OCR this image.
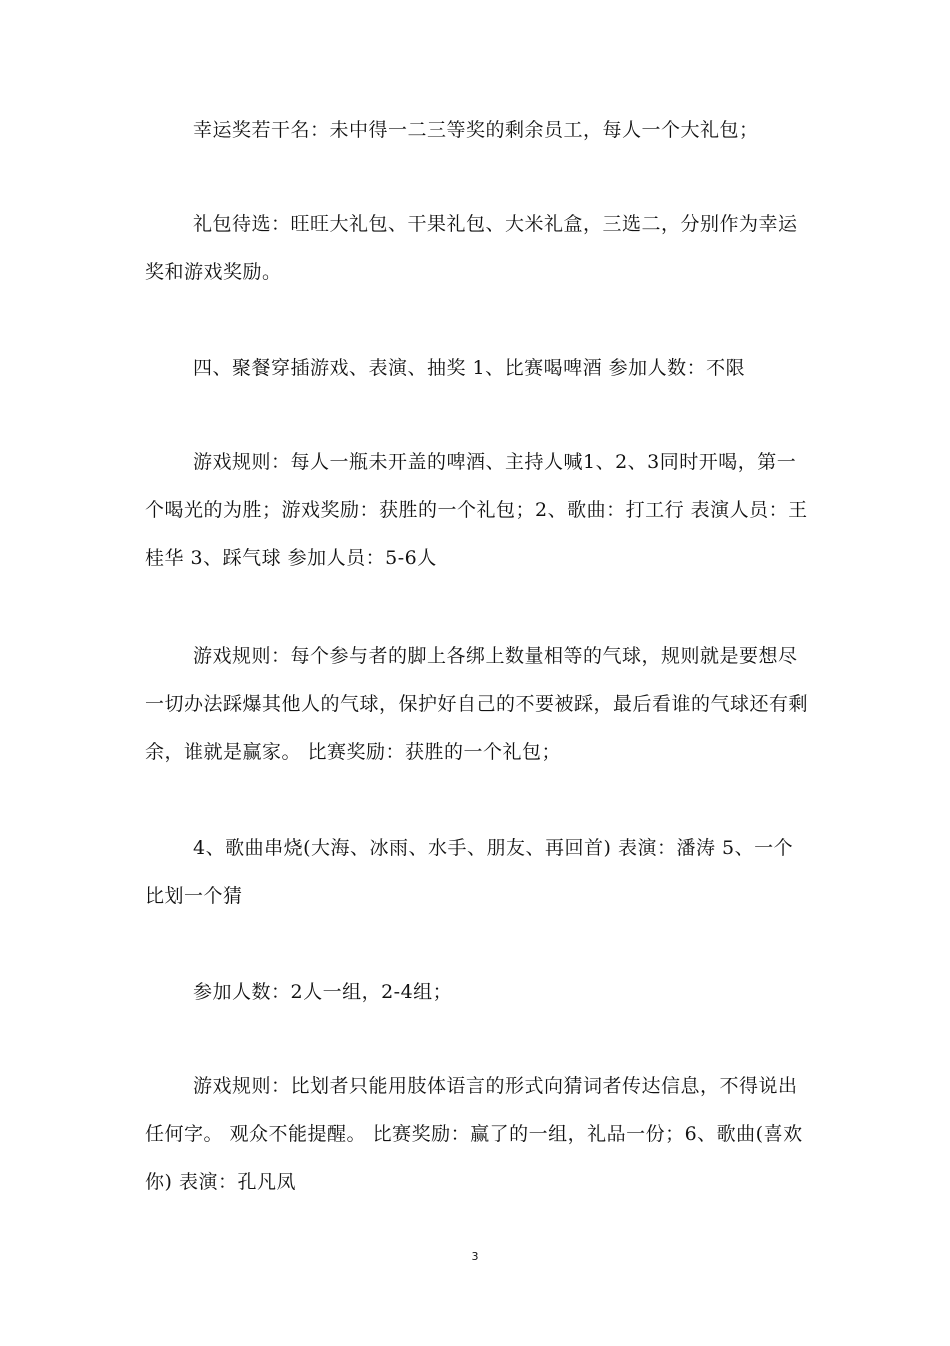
幸运奖若干名：未中得一二三等奖的剩余员工，每人一个大礼包；
礼包待选：旺旺大礼包、干果礼包、大米礼盒，三选二，分别作为幸运
奖和游戏奖励。
四、聚餐穿插游戏、表演、抽奖 1、比赛喝啤酒 参加人数：不限
游戏规则：每人一瓶未开盖的啤酒、主持人喊1、2、3同时开喝，第一
个喝光的为胜；游戏奖励：获胜的一个礼包；2、歌曲：打工行 表演人员：王
桂华 3、踩气球 参加人员：5-6人
游戏规则：每个参与者的脚上各绑上数量相等的气球，规则就是要想尽
一切办法踩爆其他人的气球，保护好自己的不要被踩，最后看谁的气球还有剩
余，谁就是赢家。 比赛奖励：获胜的一个礼包；
4、歌曲串烧(大海、冰雨、水手、朋友、再回首) 表演：潘涛 5、一个
比划一个猜
参加人数：2人一组，2-4组；
游戏规则：比划者只能用肢体语言的形式向猜词者传达信息，不得说出
任何字。 观众不能提醒。 比赛奖励：赢了的一组，礼品一份；6、歌曲(喜欢
你) 表演：孔凡凤
3
